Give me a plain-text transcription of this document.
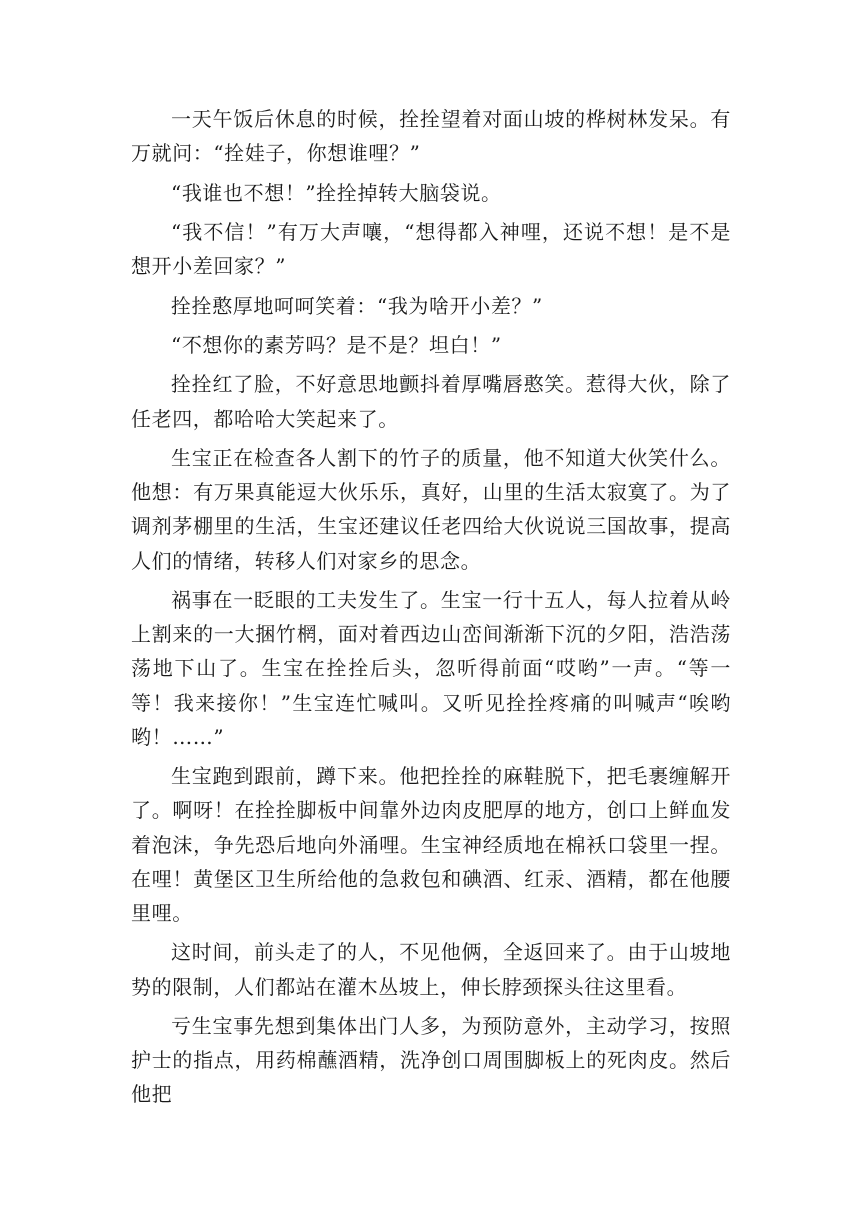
一天午饭后休息的时候，拴拴望着对面山坡的桦树林发呆。有万就问：“拴娃子，你想谁哩？”

“我谁也不想！”拴拴掉转大脑袋说。

“我不信！”有万大声嚷，“想得都入神哩，还说不想！是不是想开小差回家？”

拴拴憨厚地呵呵笑着：“我为啥开小差？”

“不想你的素芳吗？是不是？坦白！”

拴拴红了脸，不好意思地颤抖着厚嘴唇憨笑。惹得大伙，除了任老四，都哈哈大笑起来了。

生宝正在检查各人割下的竹子的质量，他不知道大伙笑什么。他想：有万果真能逗大伙乐乐，真好，山里的生活太寂寞了。为了调剂茅棚里的生活，生宝还建议任老四给大伙说说三国故事，提高人们的情绪，转移人们对家乡的思念。

祸事在一眨眼的工夫发生了。生宝一行十五人，每人拉着从岭上割来的一大捆竹棢，面对着西边山峦间渐渐下沉的夕阳，浩浩荡荡地下山了。生宝在拴拴后头，忽听得前面“哎哟”一声。“等一等！我来接你！”生宝连忙喊叫。又听见拴拴疼痛的叫喊声“唉哟哟！……”

生宝跑到跟前，蹲下来。他把拴拴的麻鞋脱下，把毛裹缠解开了。啊呀！在拴拴脚板中间靠外边肉皮肥厚的地方，创口上鲜血发着泡沫，争先恐后地向外涌哩。生宝神经质地在棉袄口袋里一捏。在哩！黄堡区卫生所给他的急救包和碘酒、红汞、酒精，都在他腰里哩。

这时间，前头走了的人，不见他俩，全返回来了。由于山坡地势的限制，人们都站在灌木丛坡上，伸长脖颈探头往这里看。

亏生宝事先想到集体出门人多，为预防意外，主动学习，按照护士的指点，用药棉蘸酒精，洗净创口周围脚板上的死肉皮。然后他把
